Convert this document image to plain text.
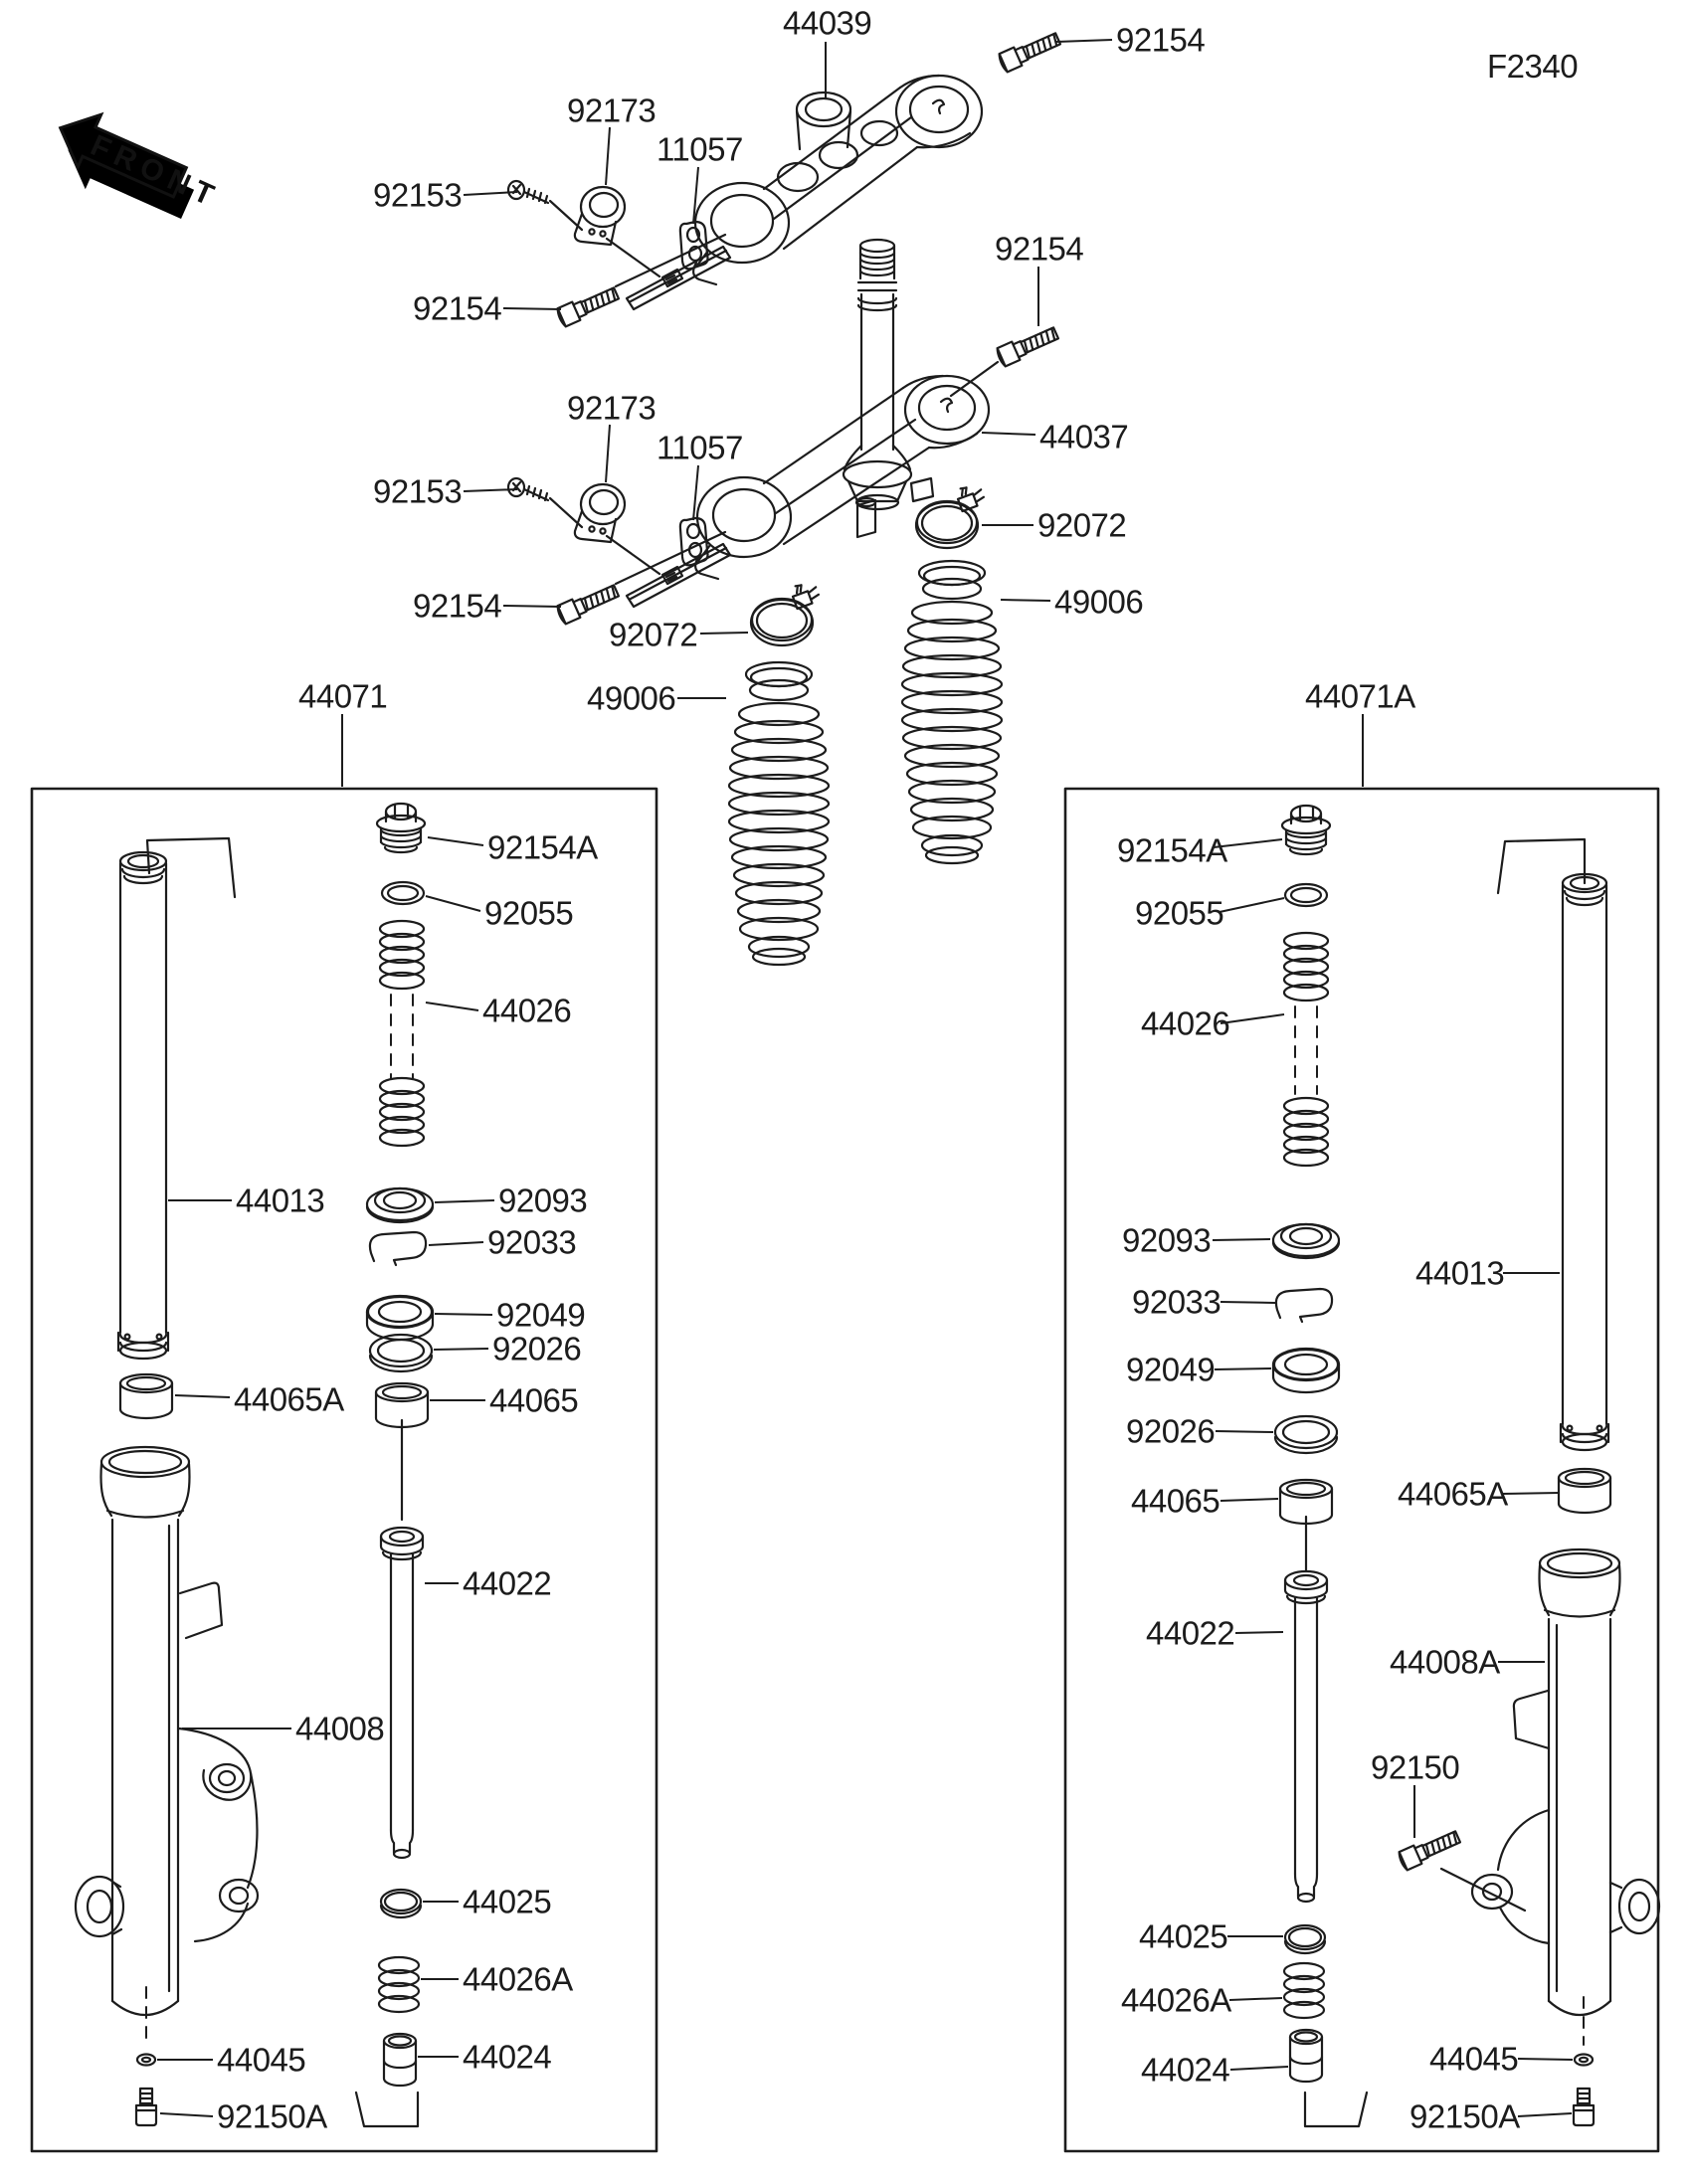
FRONT
F2340
44039	92154
92173
11057
92153
92154
92173
11057
92153
92154
92154
44037
92072
49006
92072
49006
44071	44071A
92154A
92055
44026
92093
44013
92033
92049
92026
44065
44065A
44022
44008
44025
44026A
44024
44045
92150A
92154A
92055
44026
92093
44013
92033
92049
92026
44065	44065A
44022
44008A
92150
44025
44026A
44024	44045
92150A
